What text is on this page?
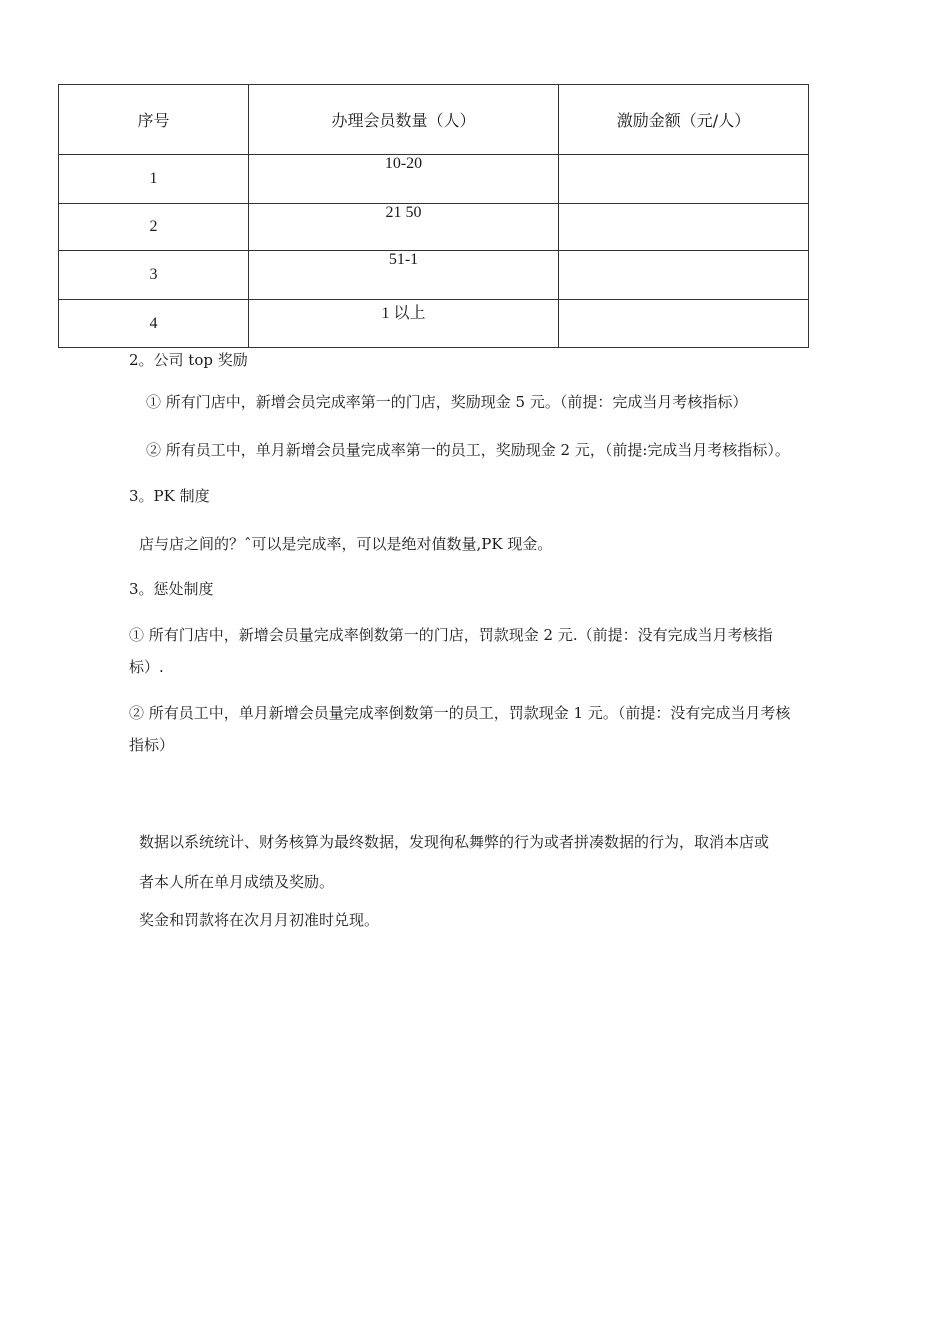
序号	办理会员数量（人）	激励金额（元/人）
1	10-20	
2	21 50	
3	51-1	
4	1 以上	
2。公司 top 奖励
① 所有门店中，新增会员完成率第一的门店，奖励现金 5 元。（前提：完成当月考核指标）
② 所有员工中，单月新增会员量完成率第一的员工，奖励现金 2 元，（前提:完成当月考核指标）。
3。PK 制度
店与店之间的？ˆ可以是完成率，可以是绝对值数量,PK 现金。
3。惩处制度
① 所有门店中，新增会员量完成率倒数第一的门店，罚款现金 2 元.（前提：没有完成当月考核指
标）.
② 所有员工中，单月新增会员量完成率倒数第一的员工，罚款现金 1 元。（前提：没有完成当月考核
指标）
数据以系统统计、财务核算为最终数据，发现徇私舞弊的行为或者拼凑数据的行为，取消本店或
者本人所在单月成绩及奖励。
奖金和罚款将在次月月初准时兑现。
